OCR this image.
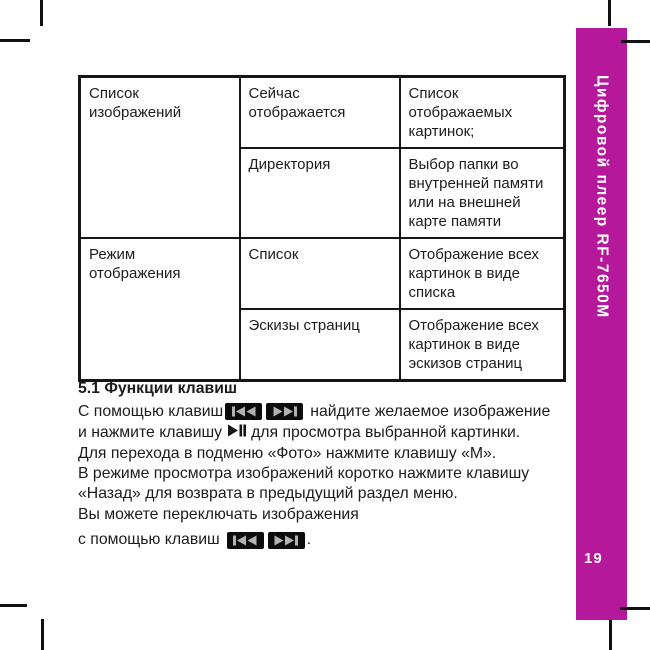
Цифровой плеер RF-7650M
19
Список изображений	Сейчас отображается	Список отображаемых картинок;
	Директория	Выбор папки во внутренней памяти или на внешней карте памяти
Режим отображения	Список	Отображение всех картинок в виде списка
	Эскизы страниц	Отображение всех картинок в виде эскизов страниц
5.1 Функции клавиш
С помощью клавиш	найдите желаемое изображение
и нажмите клавишу для просмотра выбранной картинки.
Для перехода в подменю «Фото» нажмите клавишу «М».
В режиме просмотра изображений коротко нажмите клавишу
«Назад» для возврата в предыдущий раздел меню.
Вы можете переключать изображения
с помощью клавиш	.
